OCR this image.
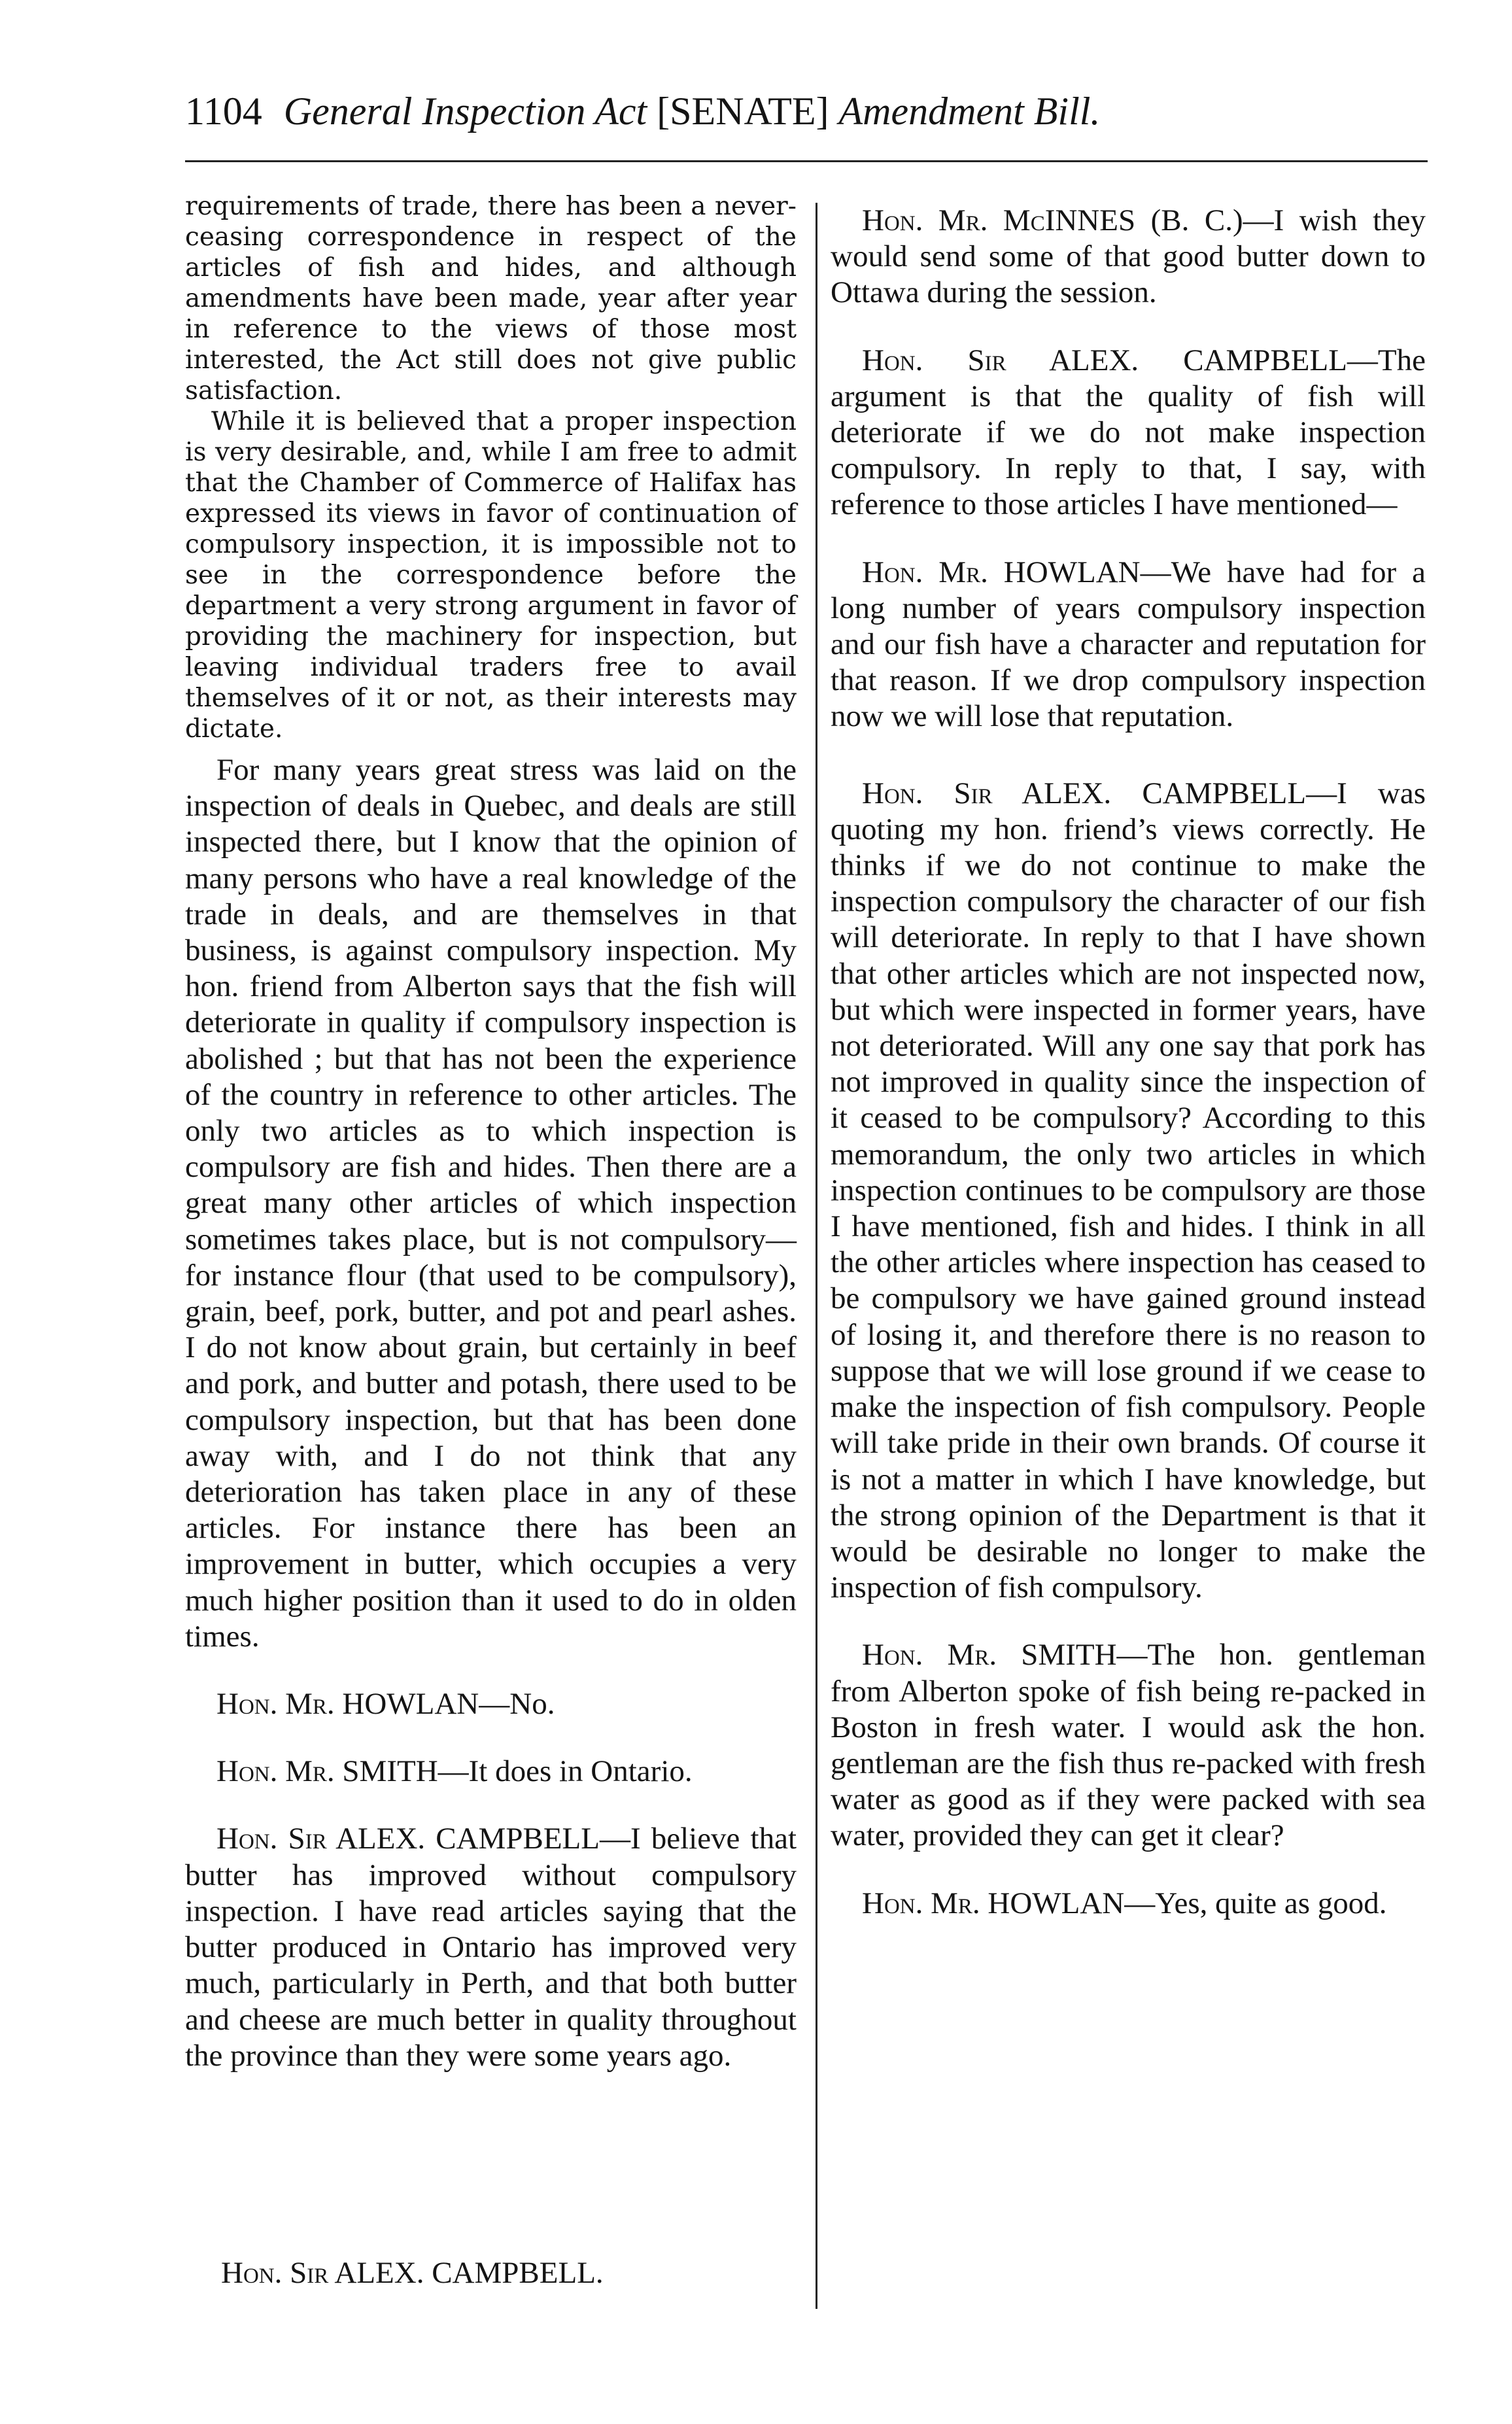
1104 General Inspection Act [SENATE] Amendment Bill.

requirements of trade, there has been a never-ceasing correspondence in respect of the articles of fish and hides, and although amendments have been made, year after year in reference to the views of those most interested, the Act still does not give public satisfaction.

While it is believed that a proper inspection is very desirable, and, while I am free to admit that the Chamber of Commerce of Halifax has expressed its views in favor of continuation of compulsory inspection, it is impossible not to see in the correspondence before the department a very strong argument in favor of providing the machinery for inspection, but leaving individual traders free to avail themselves of it or not, as their interests may dictate.

For many years great stress was laid on the inspection of deals in Quebec, and deals are still inspected there, but I know that the opinion of many persons who have a real knowledge of the trade in deals, and are themselves in that business, is against compulsory inspection. My hon. friend from Alberton says that the fish will deteriorate in quality if compulsory inspection is abolished ; but that has not been the experience of the country in reference to other articles. The only two articles as to which inspection is compulsory are fish and hides. Then there are a great many other articles of which inspection sometimes takes place, but is not compulsory— for instance flour (that used to be compulsory), grain, beef, pork, butter, and pot and pearl ashes. I do not know about grain, but certainly in beef and pork, and butter and potash, there used to be compulsory inspection, but that has been done away with, and I do not think that any deterioration has taken place in any of these articles. For instance there has been an improvement in butter, which occupies a very much higher position than it used to do in olden times.

Hon. Mr. HOWLAN—No.

Hon. Mr. SMITH—It does in Ontario.

Hon. Sir ALEX. CAMPBELL—I believe that butter has improved without compulsory inspection. I have read articles saying that the butter produced in Ontario has improved very much, particularly in Perth, and that both butter and cheese are much better in quality throughout the province than they were some years ago.

Hon. Mr. McINNES (B. C.)—I wish they would send some of that good butter down to Ottawa during the session.

Hon. Sir ALEX. CAMPBELL—The argument is that the quality of fish will deteriorate if we do not make inspection compulsory. In reply to that, I say, with reference to those articles I have mentioned—

Hon. Mr. HOWLAN—We have had for a long number of years compulsory inspection and our fish have a character and reputation for that reason. If we drop compulsory inspection now we will lose that reputation.

Hon. Sir ALEX. CAMPBELL—I was quoting my hon. friend’s views correctly. He thinks if we do not continue to make the inspection compulsory the character of our fish will deteriorate. In reply to that I have shown that other articles which are not inspected now, but which were inspected in former years, have not deteriorated. Will any one say that pork has not improved in quality since the inspection of it ceased to be compulsory? According to this memorandum, the only two articles in which inspection continues to be compulsory are those I have mentioned, fish and hides. I think in all the other articles where inspection has ceased to be compulsory we have gained ground instead of losing it, and therefore there is no reason to suppose that we will lose ground if we cease to make the inspection of fish compulsory. People will take pride in their own brands. Of course it is not a matter in which I have knowledge, but the strong opinion of the Department is that it would be desirable no longer to make the inspection of fish compulsory.

Hon. Mr. SMITH—The hon. gentleman from Alberton spoke of fish being re-packed in Boston in fresh water. I would ask the hon. gentleman are the fish thus re-packed with fresh water as good as if they were packed with sea water, provided they can get it clear?

Hon. Mr. HOWLAN—Yes, quite as good.

Hon. Sir ALEX. CAMPBELL.
